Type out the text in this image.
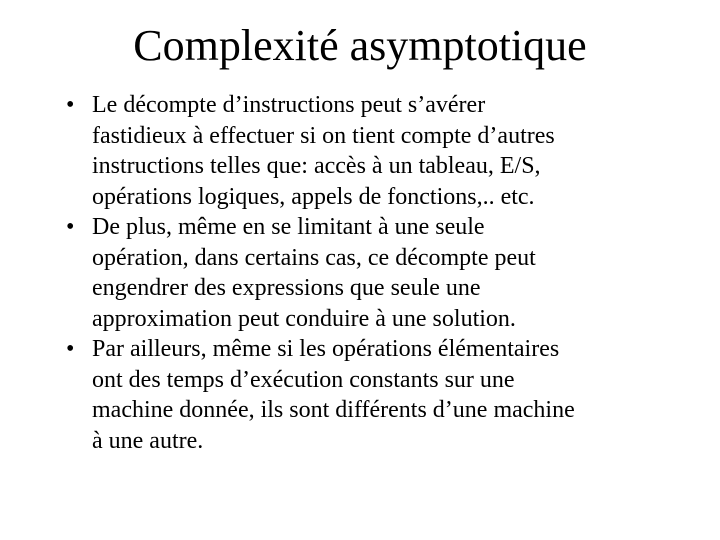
Complexité asymptotique
• Le décompte d’instructions peut s’avérer
fastidieux à effectuer si on tient compte d’autres
instructions telles que: accès à un tableau, E/S,
opérations logiques, appels de fonctions,.. etc.
• De plus, même en se limitant à une seule
opération, dans certains cas, ce décompte peut
engendrer des expressions que seule une
approximation peut conduire à une solution.
• Par ailleurs, même si les opérations élémentaires
ont des temps d’exécution constants sur une
machine donnée, ils sont différents d’une machine
à une autre.
